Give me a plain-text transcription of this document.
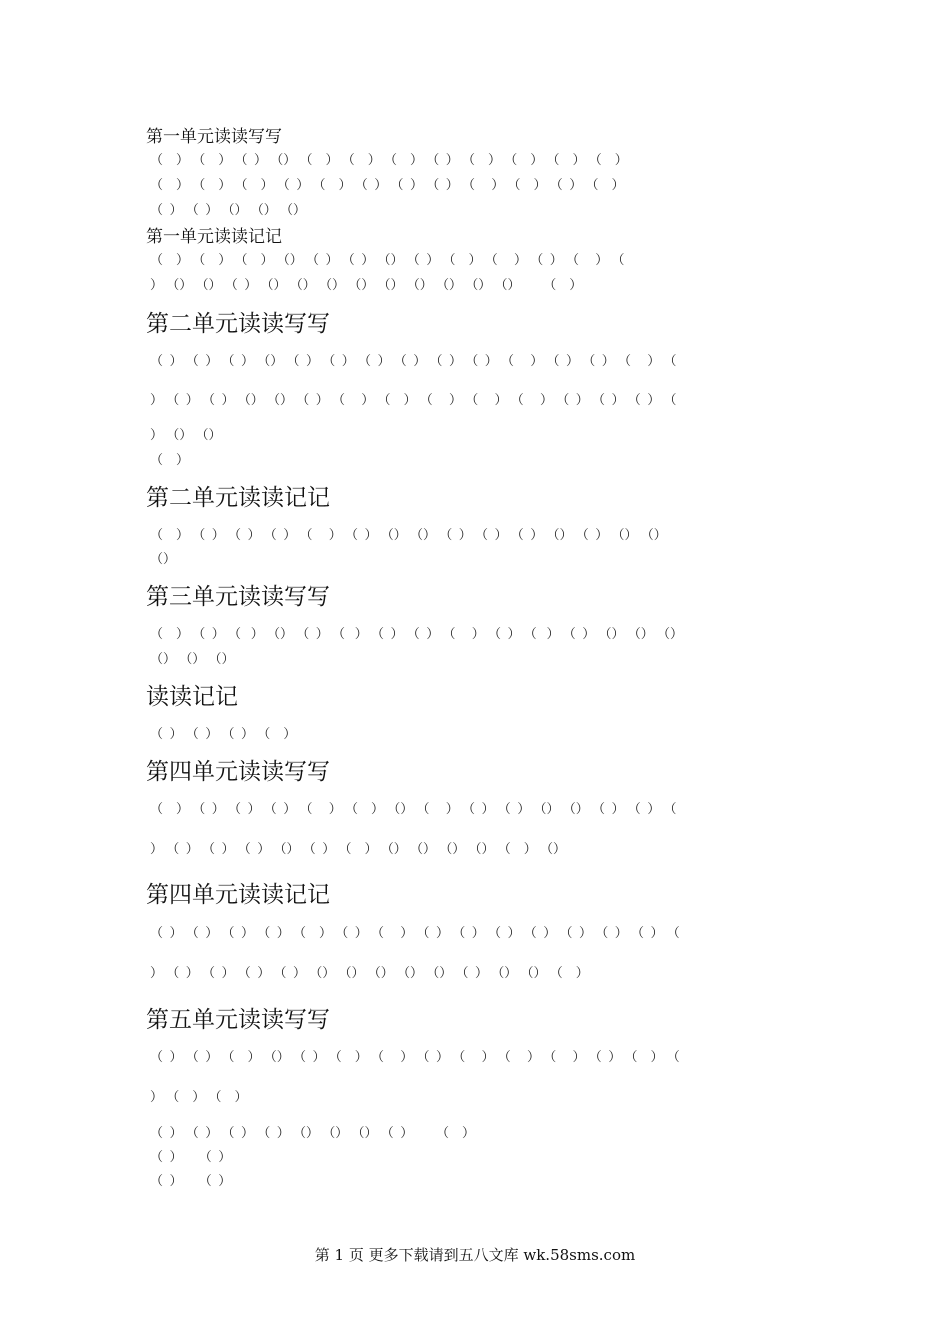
第一单元读读写写
（    ） （    ） （  ） （） （    ） （    ） （    ） （  ） （    ） （    ） （    ） （    ）
（    ） （    ） （    ） （  ） （    ） （  ） （  ） （  ） （     ） （    ） （  ） （    ）
（  ） （  ） （） （） （）
第一单元读读记记
（    ） （    ） （    ） （） （  ） （  ） （） （  ） （    ） （     ） （  ） （     ） （
） （） （） （  ） （） （） （） （） （） （） （） （） （）       （    ）
第二单元读读写写
（  ） （  ） （  ） （） （  ） （  ） （  ） （  ） （  ） （  ） （     ） （  ） （  ） （     ） （
） （  ） （  ） （） （） （  ） （     ） （    ） （     ） （     ） （     ） （  ） （  ） （  ） （
） （） （）
（    ）
第二单元读读记记
（    ） （  ） （  ） （  ） （     ） （  ） （） （） （  ） （  ） （  ） （） （  ） （） （）
（）
第三单元读读写写
（    ） （  ） （   ） （） （  ） （   ） （  ） （  ） （     ） （  ） （   ） （  ） （） （） （）
（） （） （）
读读记记
（  ） （  ） （  ） （    ）
第四单元读读写写
（    ） （  ） （  ） （  ） （     ） （    ） （） （     ） （  ） （  ） （） （） （  ） （  ） （
） （  ） （  ） （  ） （） （  ） （    ） （） （） （） （） （    ） （）
第四单元读读记记
（  ） （  ） （  ） （  ） （    ） （  ） （     ） （  ） （  ） （  ） （  ） （  ） （  ） （  ） （
） （  ） （  ） （  ） （  ） （） （） （） （） （） （  ） （） （） （    ）
第五单元读读写写
（  ） （  ） （    ） （） （  ） （    ） （     ） （  ） （     ） （     ） （     ） （  ） （    ） （
） （    ） （    ）
（  ） （  ） （  ） （  ） （） （） （） （  ）       （    ）
（  ）     （  ）
（  ）     （  ）
第 1 页 更多下载请到五八文库 wk.58sms.com
